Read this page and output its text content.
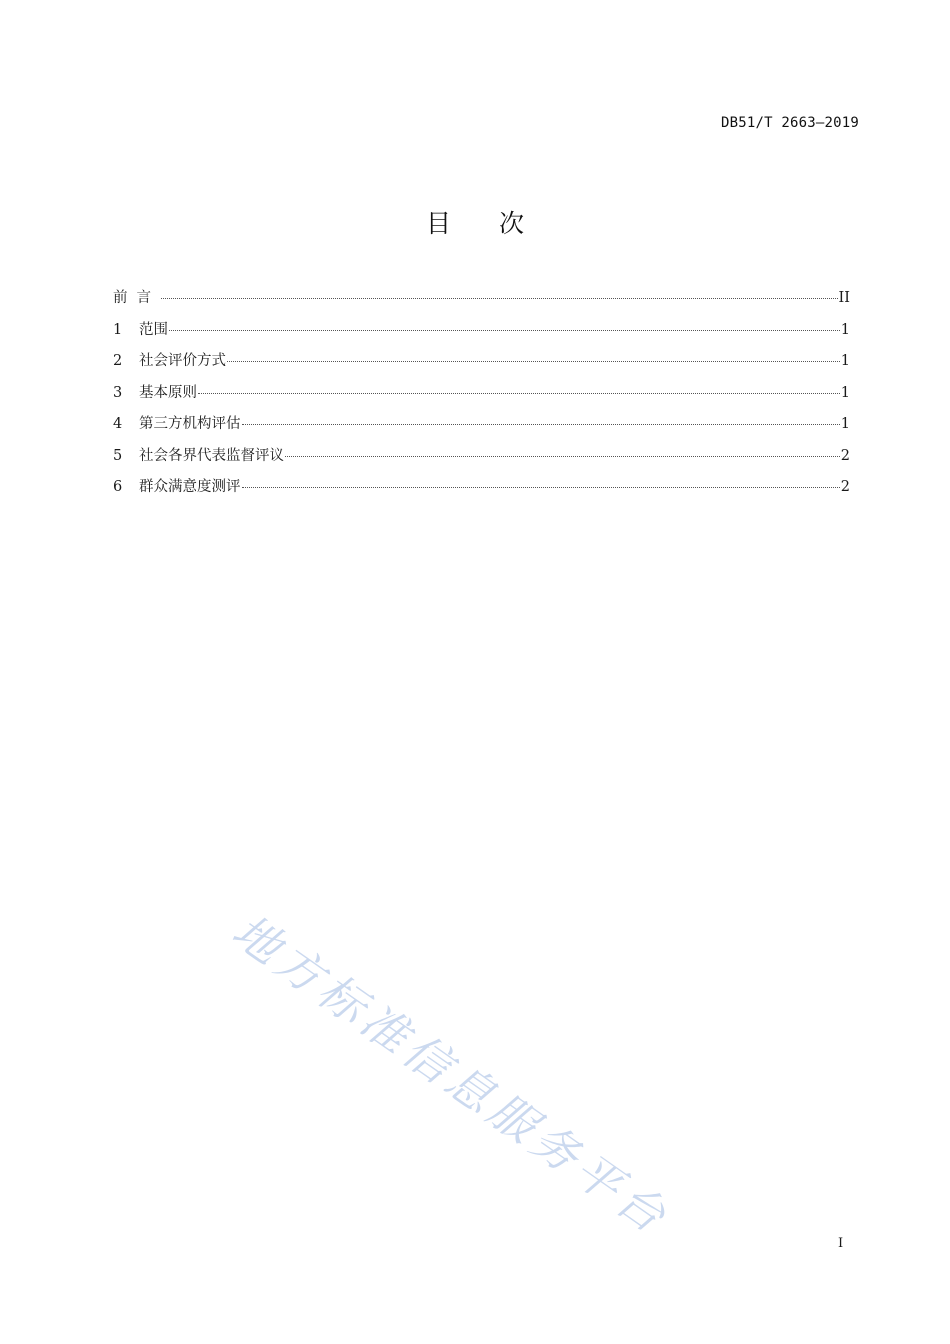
DB51/T 2663—2019
目次
前言	II
1	范围	1
2	社会评价方式	1
3	基本原则	1
4	第三方机构评估	1
5	社会各界代表监督评议	2
6	群众满意度测评	2
地方标准信息服务平台	I
